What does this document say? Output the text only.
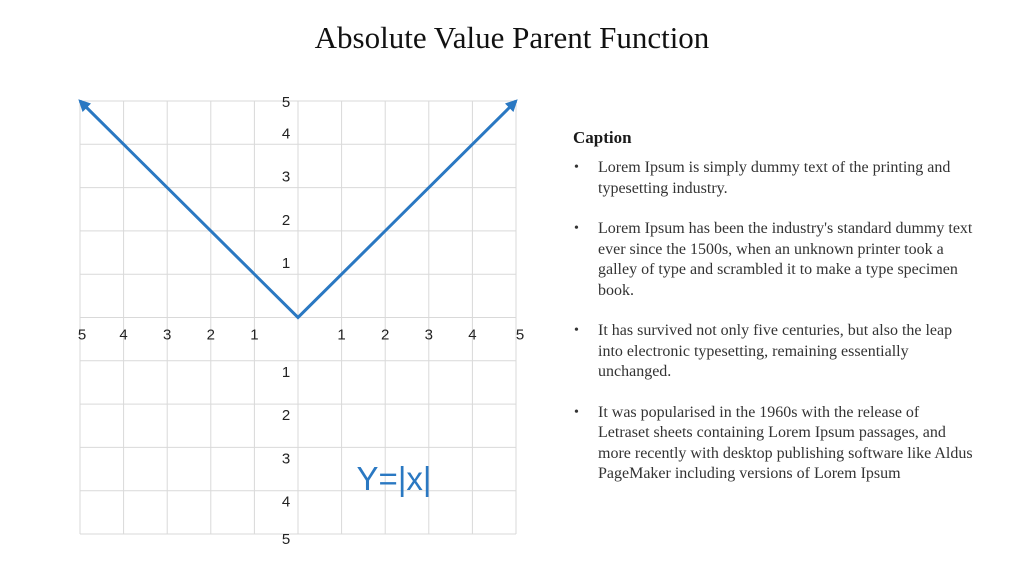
Absolute Value Parent Function
5 4 3 2 1	1 2 3 4	5
5
4
3
2
1
1
2
3
4
5
Y=|x|
Caption
• Lorem Ipsum is simply dummy text of the printing and typesetting industry.
• Lorem Ipsum has been the industry's standard dummy text ever since the 1500s, when an unknown printer took a galley of type and scrambled it to make a type specimen book.
• It has survived not only five centuries, but also the leap into electronic typesetting, remaining essentially unchanged.
• It was popularised in the 1960s with the release of Letraset sheets containing Lorem Ipsum passages, and more recently with desktop publishing software like Aldus PageMaker including versions of Lorem Ipsum
